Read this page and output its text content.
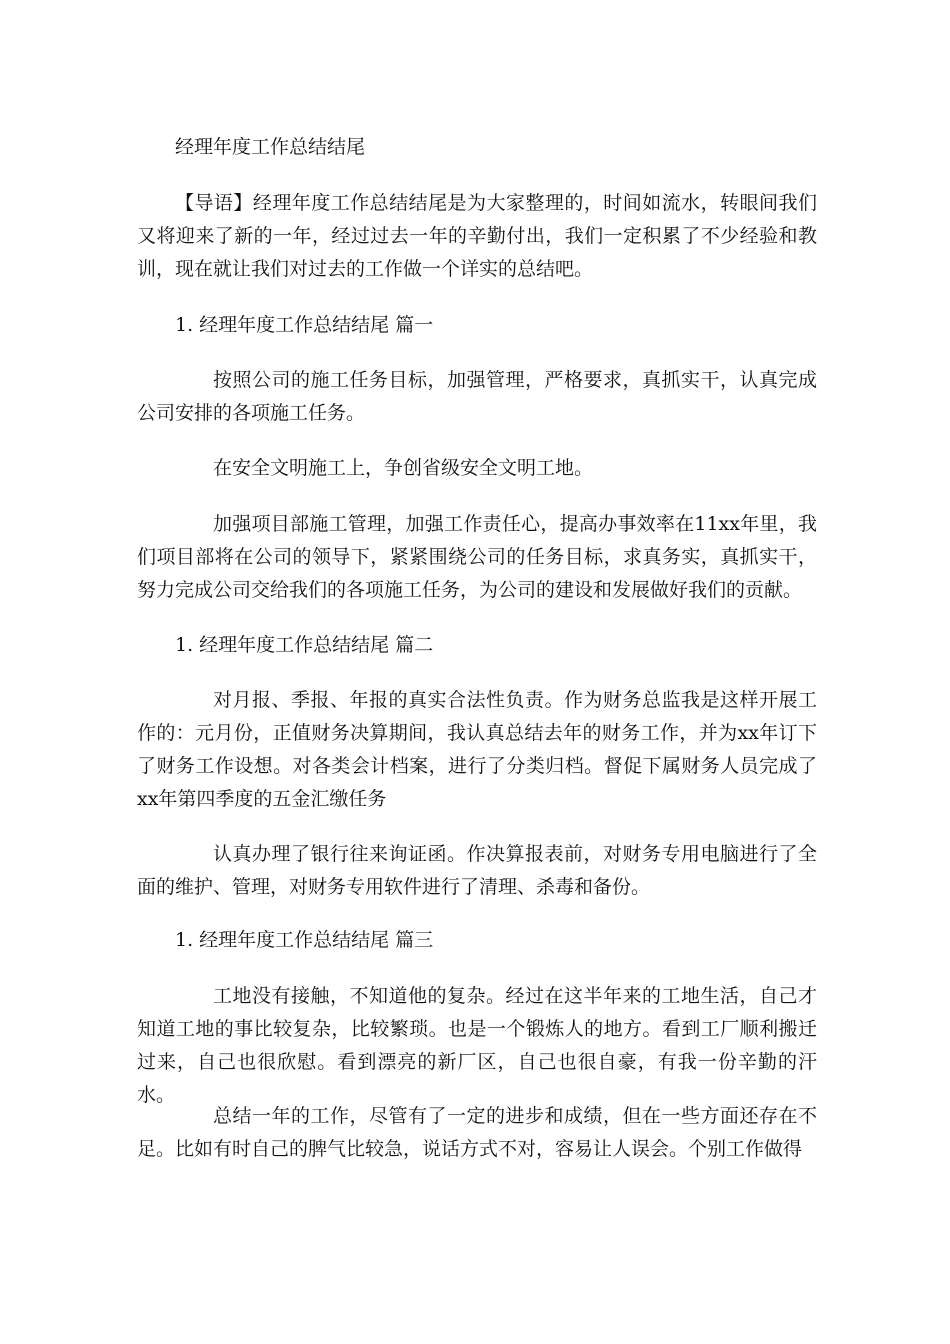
经理年度工作总结结尾
【导语】经理年度工作总结结尾是为大家整理的，时间如流水，转眼间我们又将迎来了新的一年，经过过去一年的辛勤付出，我们一定积累了不少经验和教训，现在就让我们对过去的工作做一个详实的总结吧。
1. 经理年度工作总结结尾 篇一
按照公司的施工任务目标，加强管理，严格要求，真抓实干，认真完成公司安排的各项施工任务。
在安全文明施工上，争创省级安全文明工地。
加强项目部施工管理，加强工作责任心，提高办事效率在11xx年里，我们项目部将在公司的领导下，紧紧围绕公司的任务目标，求真务实，真抓实干，努力完成公司交给我们的各项施工任务，为公司的建设和发展做好我们的贡献。
1. 经理年度工作总结结尾 篇二
对月报、季报、年报的真实合法性负责。作为财务总监我是这样开展工作的：元月份，正值财务决算期间，我认真总结去年的财务工作，并为xx年订下了财务工作设想。对各类会计档案，进行了分类归档。督促下属财务人员完成了xx年第四季度的五金汇缴任务
认真办理了银行往来询证函。作决算报表前，对财务专用电脑进行了全面的维护、管理，对财务专用软件进行了清理、杀毒和备份。
1. 经理年度工作总结结尾 篇三
工地没有接触，不知道他的复杂。经过在这半年来的工地生活，自己才知道工地的事比较复杂，比较繁琐。也是一个锻炼人的地方。看到工厂顺利搬迁过来，自己也很欣慰。看到漂亮的新厂区，自己也很自豪，有我一份辛勤的汗水。
总结一年的工作，尽管有了一定的进步和成绩，但在一些方面还存在不足。比如有时自己的脾气比较急，说话方式不对，容易让人误会。个别工作做得
